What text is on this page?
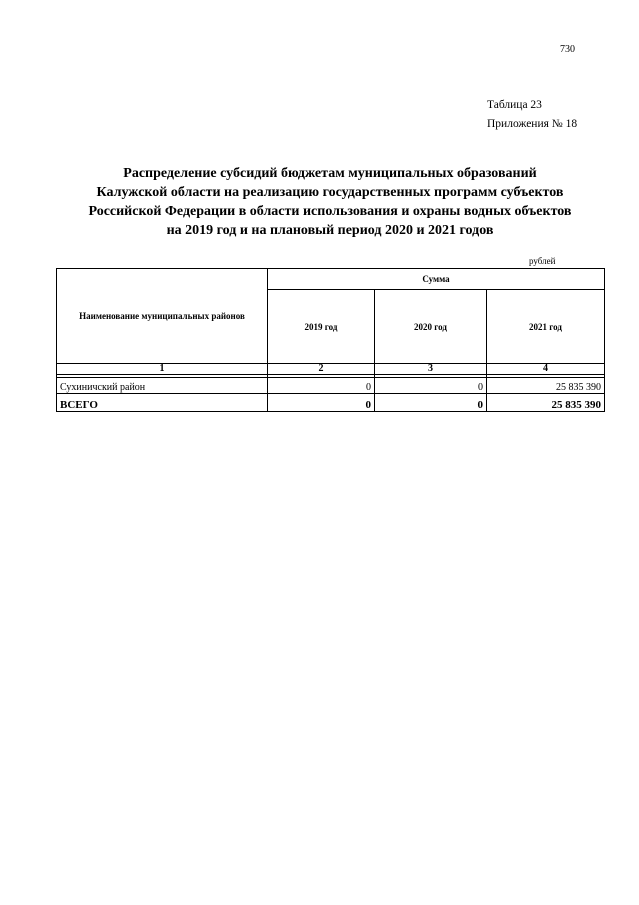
730
Таблица 23
Приложения № 18
Распределение субсидий бюджетам муниципальных образований
Калужской области на реализацию государственных программ субъектов
Российской Федерации в области использования и охраны водных объектов
на 2019 год и на плановый период 2020 и 2021 годов
рублей
Наименование муниципальных районов	Сумма		
	2019 год	2020 год	2021 год
1	2	3	4

Сухиничский район	0	0	25 835 390
ВСЕГО	0	0	25 835 390
